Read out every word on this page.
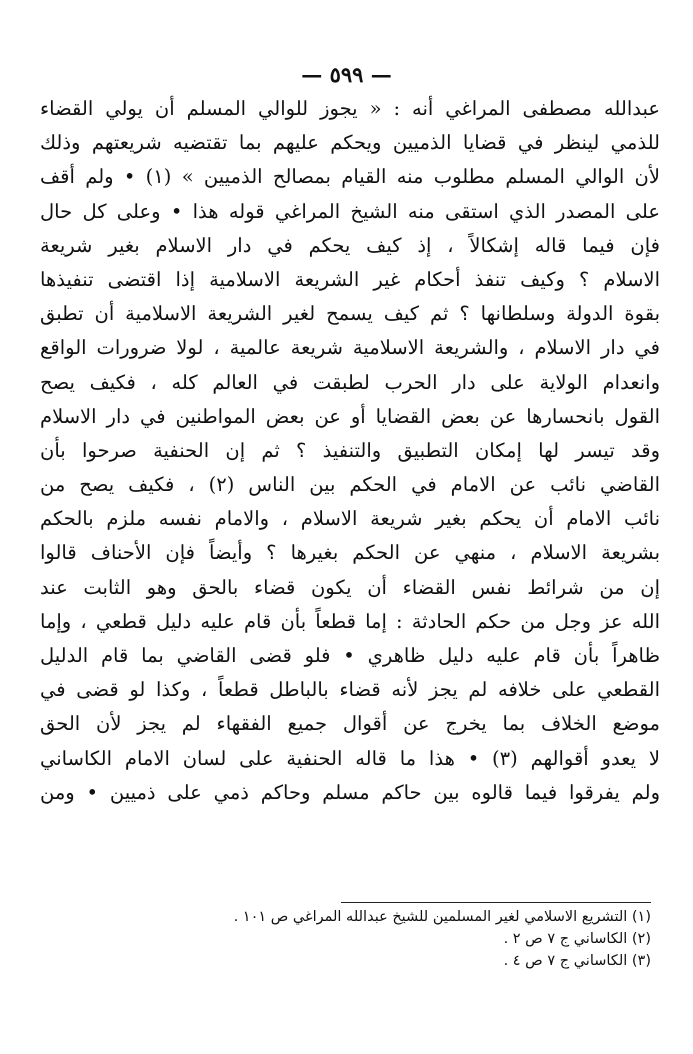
— ٥٩٩ —
عبدالله مصطفى المراغي أنه : « يجوز للوالي المسلم أن يولي القضاء
للذمي لينظر في قضايا الذميين ويحكم عليهم بما تقتضيه شريعتهم وذلك
لأن الوالي المسلم مطلوب منه القيام بمصالح الذميين » (١) • ولم أقف
على المصدر الذي استقى منه الشيخ المراغي قوله هذا • وعلى كل حال
فإن فيما قاله إشكالاً ، إذ كيف يحكم في دار الاسلام بغير شريعة
الاسلام ؟ وكيف تنفذ أحكام غير الشريعة الاسلامية إذا اقتضى تنفيذها
بقوة الدولة وسلطانها ؟ ثم كيف يسمح لغير الشريعة الاسلامية أن تطبق
في دار الاسلام ، والشريعة الاسلامية شريعة عالمية ، لولا ضرورات الواقع
وانعدام الولاية على دار الحرب لطبقت في العالم كله ، فكيف يصح
القول بانحسارها عن بعض القضايا أو عن بعض المواطنين في دار الاسلام
وقد تيسر لها إمكان التطبيق والتنفيذ ؟ ثم إن الحنفية صرحوا بأن
القاضي نائب عن الامام في الحكم بين الناس (٢) ، فكيف يصح من
نائب الامام أن يحكم بغير شريعة الاسلام ، والامام نفسه ملزم بالحكم
بشريعة الاسلام ، منهي عن الحكم بغيرها ؟ وأيضاً فإن الأحناف قالوا
إن من شرائط نفس القضاء أن يكون قضاء بالحق وهو الثابت عند
الله عز وجل من حكم الحادثة : إما قطعاً بأن قام عليه دليل قطعي ، وإما
ظاهراً بأن قام عليه دليل ظاهري • فلو قضى القاضي بما قام الدليل
القطعي على خلافه لم يجز لأنه قضاء بالباطل قطعاً ، وكذا لو قضى في
موضع الخلاف بما يخرج عن أقوال جميع الفقهاء لم يجز لأن الحق
لا يعدو أقوالهم (٣) • هذا ما قاله الحنفية على لسان الامام الكاساني
ولم يفرقوا فيما قالوه بين حاكم مسلم وحاكم ذمي على ذميين • ومن
(١) التشريع الاسلامي لغير المسلمين للشيخ عبدالله المراغي ص ١٠١ .
(٢) الكاساني ج ٧ ص ٢ .
(٣) الكاساني ج ٧ ص ٤ .
